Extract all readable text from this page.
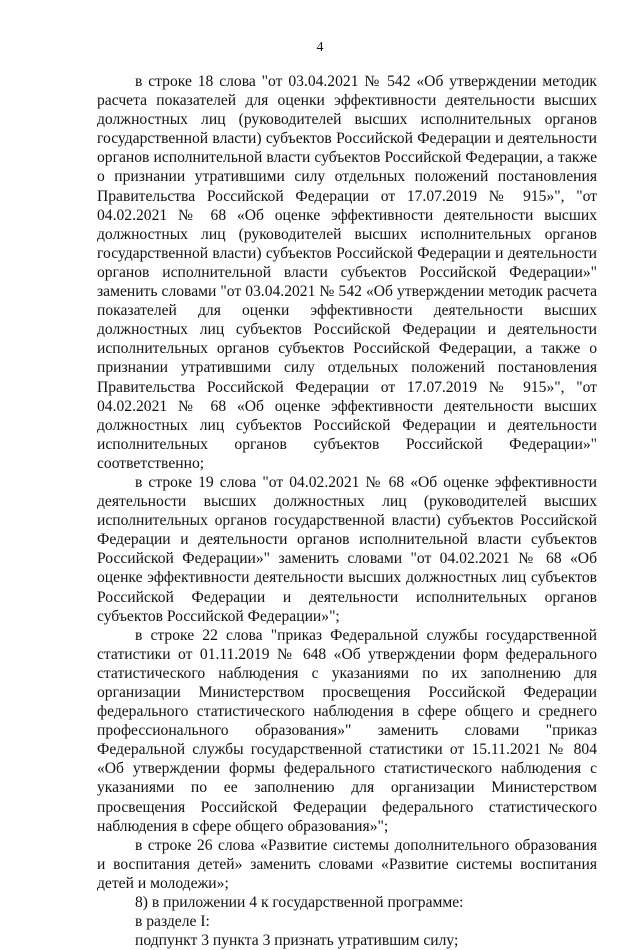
4

в строке 18 слова "от 03.04.2021 № 542 «Об утверждении методик расчета показателей для оценки эффективности деятельности высших должностных лиц (руководителей высших исполнительных органов государственной власти) субъектов Российской Федерации и деятельности органов исполнительной власти субъектов Российской Федерации, а также о признании утратившими силу отдельных положений постановления Правительства Российской Федерации от 17.07.2019 № 915»", "от 04.02.2021 № 68 «Об оценке эффективности деятельности высших должностных лиц (руководителей высших исполнительных органов государственной власти) субъектов Российской Федерации и деятельности органов исполнительной власти субъектов Российской Федерации»" заменить словами "от 03.04.2021 № 542 «Об утверждении методик расчета показателей для оценки эффективности деятельности высших должностных лиц субъектов Российской Федерации и деятельности исполнительных органов субъектов Российской Федерации, а также о признании утратившими силу отдельных положений постановления Правительства Российской Федерации от 17.07.2019 № 915»", "от 04.02.2021 № 68 «Об оценке эффективности деятельности высших должностных лиц субъектов Российской Федерации и деятельности исполнительных органов субъектов Российской Федерации»" соответственно;

в строке 19 слова "от 04.02.2021 № 68 «Об оценке эффективности деятельности высших должностных лиц (руководителей высших исполнительных органов государственной власти) субъектов Российской Федерации и деятельности органов исполнительной власти субъектов Российской Федерации»" заменить словами "от 04.02.2021 № 68 «Об оценке эффективности деятельности высших должностных лиц субъектов Российской Федерации и деятельности исполнительных органов субъектов Российской Федерации»";

в строке 22 слова "приказ Федеральной службы государственной статистики от 01.11.2019 № 648 «Об утверждении форм федерального статистического наблюдения с указаниями по их заполнению для организации Министерством просвещения Российской Федерации федерального статистического наблюдения в сфере общего и среднего профессионального образования»" заменить словами "приказ Федеральной службы государственной статистики от 15.11.2021 № 804 «Об утверждении формы федерального статистического наблюдения с указаниями по ее заполнению для организации Министерством просвещения Российской Федерации федерального статистического наблюдения в сфере общего образования»";

в строке 26 слова «Развитие системы дополнительного образования и воспитания детей» заменить словами «Развитие системы воспитания детей и молодежи»;

8) в приложении 4 к государственной программе:

в разделе I:

подпункт 3 пункта 3 признать утратившим силу;
